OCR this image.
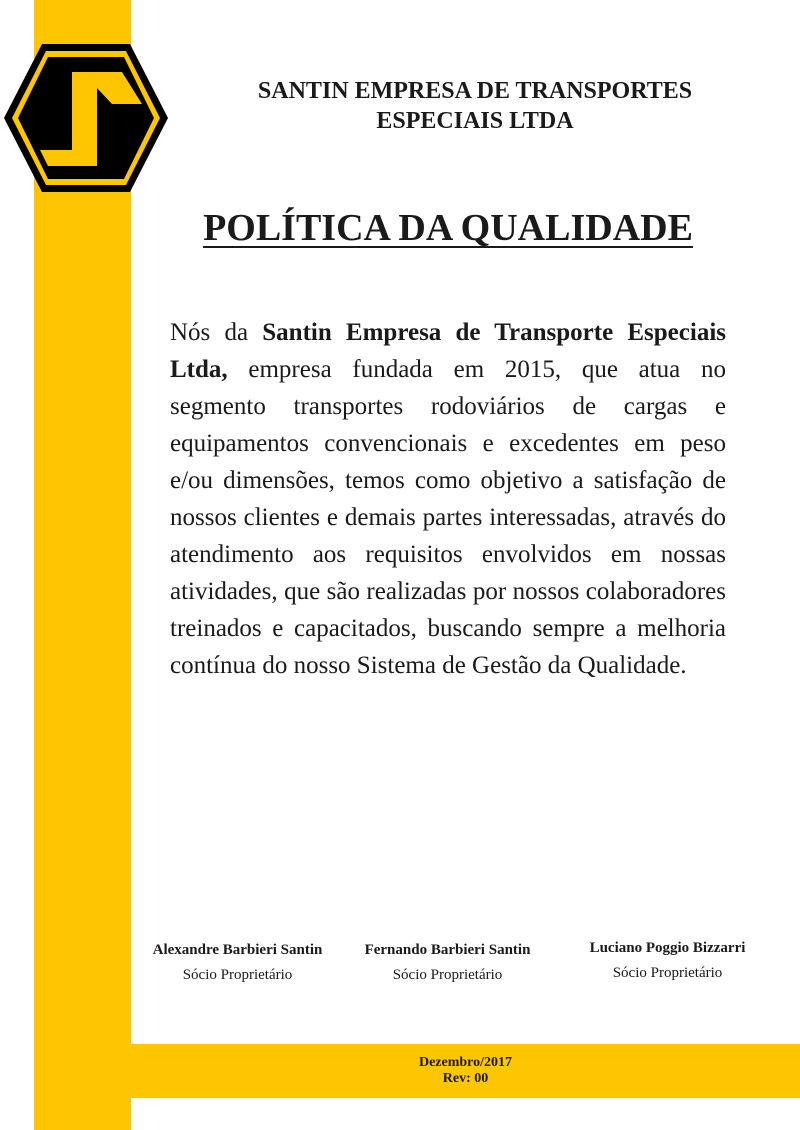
SANTIN EMPRESA DE TRANSPORTES
ESPECIAIS LTDA
POLÍTICA DA QUALIDADE

Nós da Santin Empresa de Transporte Especiais Ltda, empresa fundada em 2015, que atua no segmento transportes rodoviários de cargas e equipamentos convencionais e excedentes em peso e/ou dimensões, temos como objetivo a satisfação de nossos clientes e demais partes interessadas, através do atendimento aos requisitos envolvidos em nossas atividades, que são realizadas por nossos colaboradores treinados e capacitados, buscando sempre a melhoria contínua do nosso Sistema de Gestão da Qualidade.

Alexandre Barbieri Santin
Sócio Proprietário
Fernando Barbieri Santin
Sócio Proprietário
Luciano Poggio Bizzarri
Sócio Proprietário
Dezembro/2017
Rev: 00
